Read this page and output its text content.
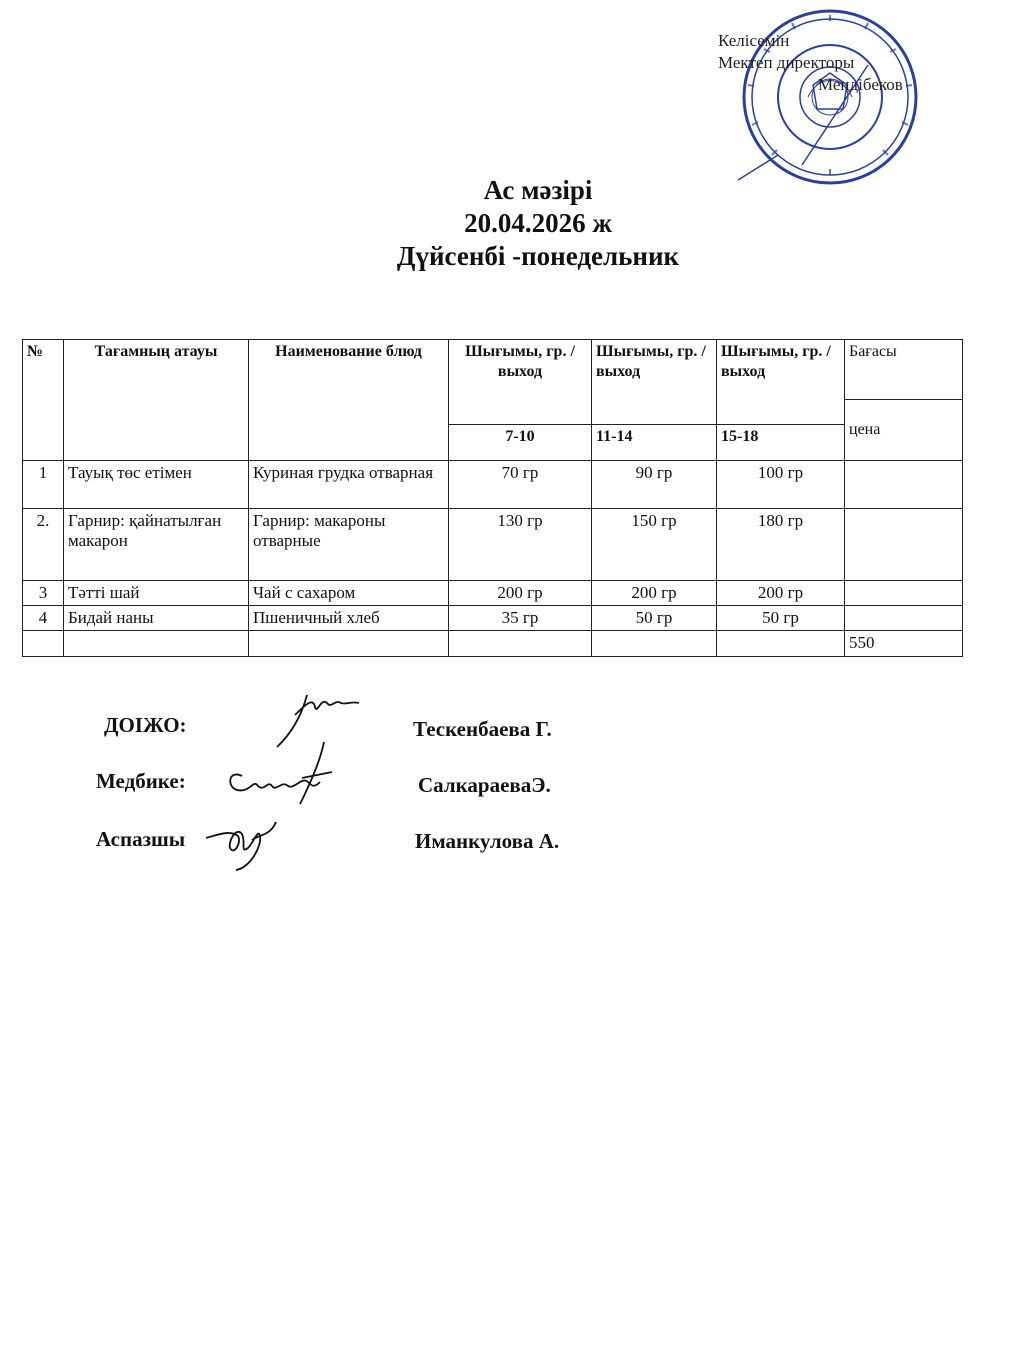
Келісемін
Мектеп директоры
Мендібеков
Ас мәзірі
20.04.2026 ж
Дүйсенбі -понедельник
№	Тағамның атауы	Наименование блюд	Шығымы, гр. / выход	Шығымы, гр. / выход	Шығымы, гр. / выход	Бағасы
						цена
			7-10	11-14	15-18	
1	Тауық төс етімен	Куриная грудка отварная	70 гр	90 гр	100 гр	
2.	Гарнир: қайнатылған макарон	Гарнир: макароны отварные	130 гр	150 гр	180 гр	
3	Тәтті шай	Чай с сахаром	200 гр	200 гр	200 гр	
4	Бидай наны	Пшеничный хлеб	35 гр	50 гр	50 гр	
						550
ДОІЖО:	Тескенбаева Г.
Медбике:	СалкараеваЭ.
Аспазшы	Иманкулова А.
